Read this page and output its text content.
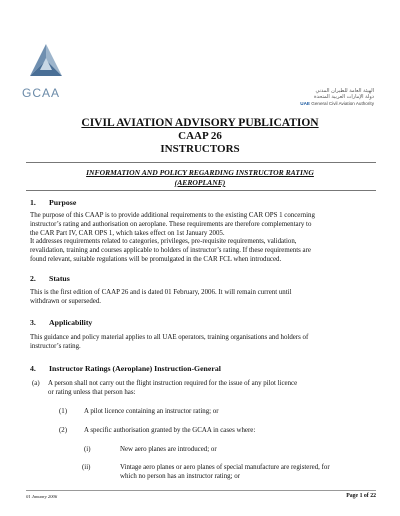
GCAA	الهيئة العامة للطيران المدني
دولة الإمارات العربية المتحدة
UAE General Civil Aviation Authority
CIVIL AVIATION ADVISORY PUBLICATION
CAAP 26
INSTRUCTORS
INFORMATION AND POLICY REGARDING INSTRUCTOR RATING
(AEROPLANE)
1. Purpose
The purpose of this CAAP is to provide additional requirements to the existing CAR OPS 1 concerning
instructor’s rating and authorisation on aeroplane. These requirements are therefore complementary to
the CAR Part IV, CAR OPS 1, which takes effect on 1st January 2005.
It addresses requirements related to categories, privileges, pre-requisite requirements, validation,
revalidation, training and courses applicable to holders of instructor’s rating. If these requirements are
found relevant, suitable regulations will be promulgated in the CAR FCL when introduced.
2. Status
This is the first edition of CAAP 26 and is dated 01 February, 2006. It will remain current until
withdrawn or superseded.
3. Applicability
This guidance and policy material applies to all UAE operators, training organisations and holders of
instructor’s rating.
4. Instructor Ratings (Aeroplane) Instruction-General
(a) A person shall not carry out the flight instruction required for the issue of any pilot licence
or rating unless that person has:
(1) A pilot licence containing an instructor rating; or
(2) A specific authorisation granted by the GCAA in cases where:
(i)	New aero planes are introduced; or
(ii)	Vintage aero planes or aero planes of special manufacture are registered, for
which no person has an instructor rating; or
01 January 2006	Page 1 of 22
